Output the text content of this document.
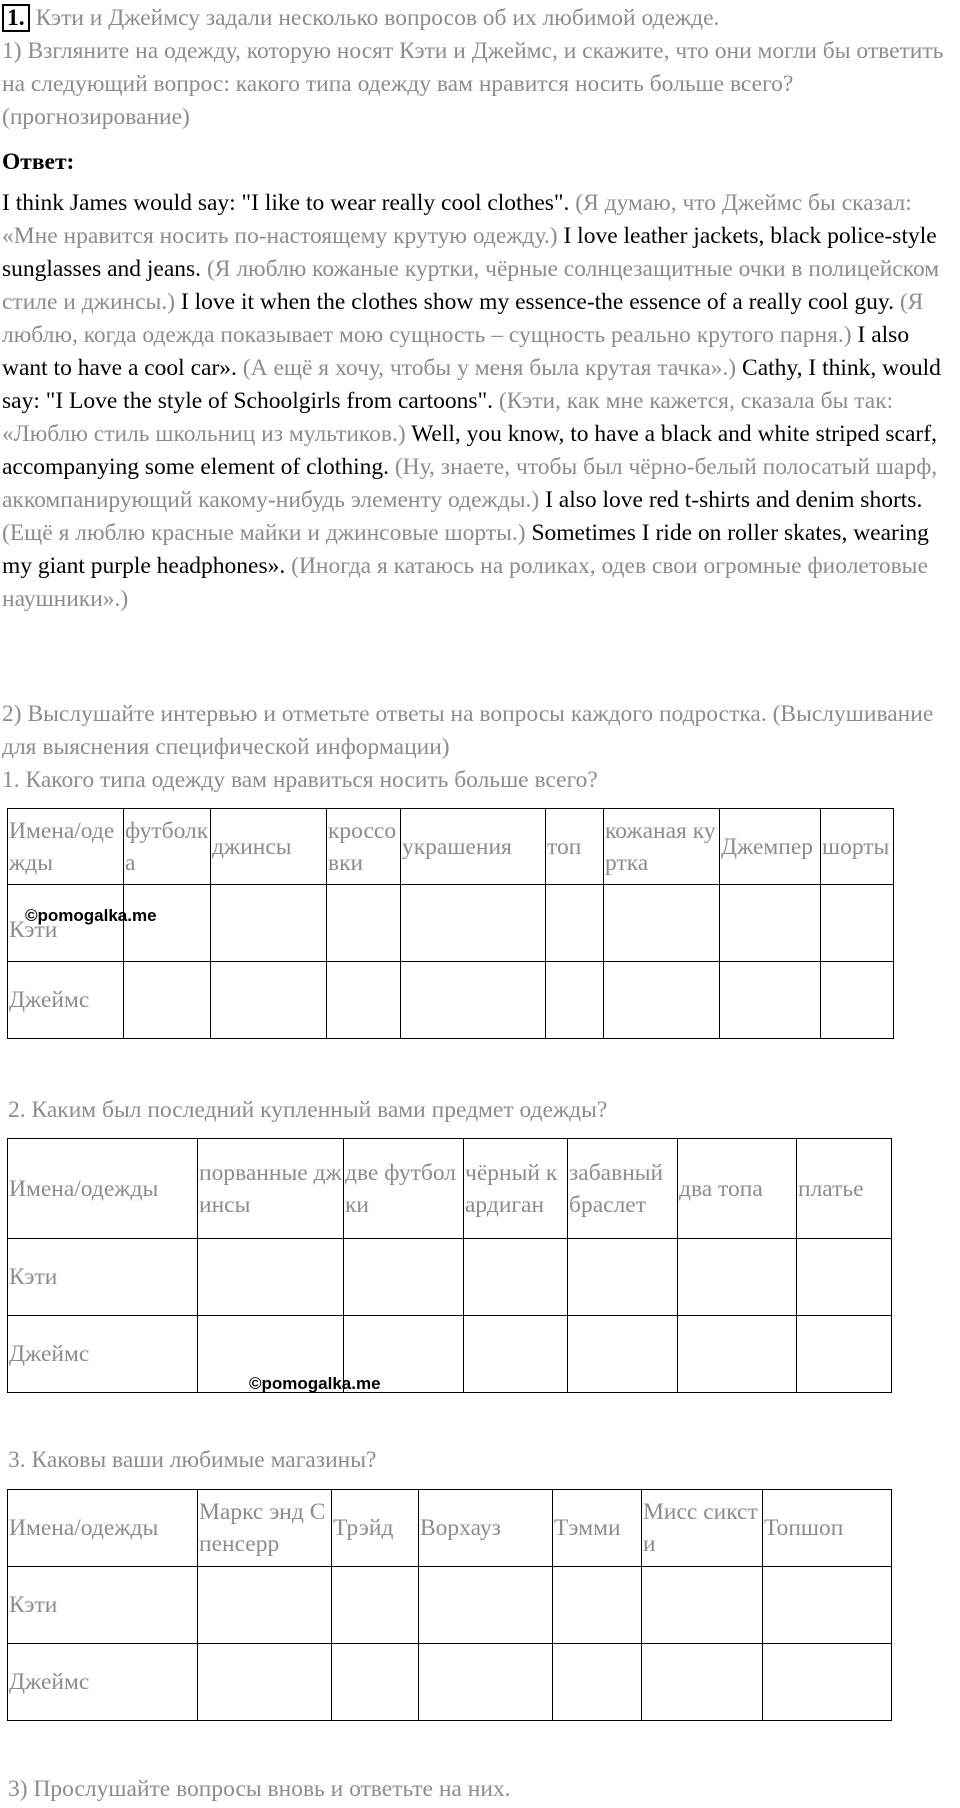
1. Кэти и Джеймсу задали несколько вопросов об их любимой одежде.

1) Взгляните на одежду, которую носят Кэти и Джеймс, и скажите, что они могли бы ответить на следующий вопрос: какого типа одежду вам нравится носить больше всего? (прогнозирование)

Ответ:

I think James would say: "I like to wear really cool clothes". (Я думаю, что Джеймс бы сказал: «Мне нравится носить по-настоящему крутую одежду.) I love leather jackets, black police-style sunglasses and jeans. (Я люблю кожаные куртки, чёрные солнцезащитные очки в полицейском стиле и джинсы.) I love it when the clothes show my essence-the essence of a really cool guy. (Я люблю, когда одежда показывает мою сущность – сущность реально крутого парня.) I also want to have a cool car». (А ещё я хочу, чтобы у меня была крутая тачка».) Cathy, I think, would say: "I Love the style of Schoolgirls from cartoons". (Кэти, как мне кажется, сказала бы так: «Люблю стиль школьниц из мультиков.) Well, you know, to have a black and white striped scarf, accompanying some element of clothing. (Ну, знаете, чтобы был чёрно-белый полосатый шарф, аккомпанирующий какому-нибудь элементу одежды.) I also love red t-shirts and denim shorts. (Ещё я люблю красные майки и джинсовые шорты.) Sometimes I ride on roller skates, wearing my giant purple headphones». (Иногда я катаюсь на роликах, одев свои огромные фиолетовые наушники».)

2) Выслушайте интервью и отметьте ответы на вопросы каждого подростка. (Выслушивание для выяснения специфической информации)

1. Какого типа одежду вам нравиться носить больше всего?

Имена/одежды	футболка	джинсы	кроссовки	украшения	топ	кожаная куртка	Джемпер	шорты
Кэти								
Джеймс								
©pomogalka.me

2. Каким был последний купленный вами предмет одежды?

Имена/одежды	порванные джинсы	две футболки	чёрный кардиган	забавный браслет	два топа	платье
Кэти						
Джеймс						
©pomogalka.me

3. Каковы ваши любимые магазины?

Имена/одежды	Маркс энд Спенсерр	Трэйд	Ворхауз	Тэмми	Мисс сиксти	Топшоп
Кэти						
Джеймс						

3) Прослушайте вопросы вновь и ответьте на них.
